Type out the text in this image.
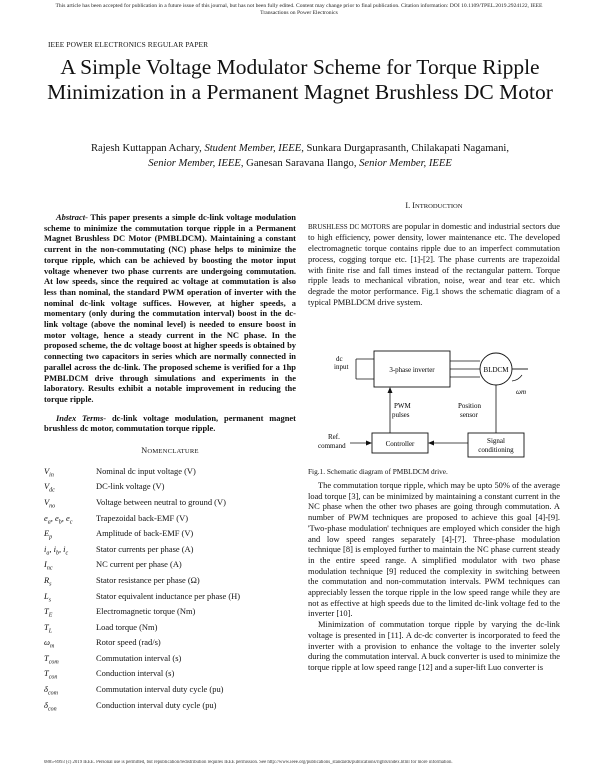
This article has been accepted for publication in a future issue of this journal, but has not been fully edited. Content may change prior to final publication. Citation information: DOI 10.1109/TPEL.2019.2924122, IEEE Transactions on Power Electronics
IEEE POWER ELECTRONICS REGULAR PAPER
A Simple Voltage Modulator Scheme for Torque Ripple Minimization in a Permanent Magnet Brushless DC Motor
Rajesh Kuttappan Achary, Student Member, IEEE, Sunkara Durgaprasanth, Chilakapati Nagamani,
Senior Member, IEEE, Ganesan Saravana Ilango, Senior Member, IEEE

Abstract- This paper presents a simple dc-link voltage modulation scheme to minimize the commutation torque ripple in a Permanent Magnet Brushless DC Motor (PMBLDCM). Maintaining a constant current in the non-commutating (NC) phase helps to minimize the torque ripple, which can be achieved by boosting the motor input voltage whenever two phase currents are undergoing commutation. At low speeds, since the required ac voltage at commutation is also less than nominal, the standard PWM operation of inverter with the nominal dc-link voltage suffices. However, at higher speeds, a momentary (only during the commutation interval) boost in the dc-link voltage (above the nominal level) is needed to ensure boost in motor voltage, hence a steady current in the NC phase. In the proposed scheme, the dc voltage boost at higher speeds is obtained by connecting two capacitors in series which are normally connected in parallel across the dc-link. The proposed scheme is verified for a 1hp PMBLDCM drive through simulations and experiments in the laboratory. Results exhibit a notable improvement in reducing the torque ripple.

Index Terms- dc-link voltage modulation, permanent magnet brushless dc motor, commutation torque ripple.

NOMENCLATURE
$V_{in}$	Nominal dc input voltage (V)
$V_{dc}$	DC-link voltage (V)
$V_{no}$	Voltage between neutral to ground (V)
$e_a$, $e_b$, $e_c$	Trapezoidal back-EMF (V)
$E_p$	Amplitude of back-EMF (V)
$i_a$, $i_b$, $i_c$	Stator currents per phase (A)
$I_{nc}$	NC current per phase (A)
$R_s$	Stator resistance per phase (Ω)
$L_s$	Stator equivalent inductance per phase (H)
$T_E$	Electromagnetic torque (Nm)
$T_L$	Load torque (Nm)
$\omega_m$	Rotor speed (rad/s)
$T_{com}$	Commutation interval (s)
$T_{con}$	Conduction interval (s)
$\delta_{com}$	Commutation interval duty cycle (pu)
$\delta_{con}$	Conduction interval duty cycle (pu)
I. INTRODUCTION

BRUSHLESS DC MOTORS are popular in domestic and industrial sectors due to high efficiency, power density, lower maintenance etc. The developed electromagnetic torque contains ripple due to an imperfect commutation process, cogging torque etc. [1]-[2]. The phase currents are trapezoidal with finite rise and fall times instead of the rectangular pattern. Torque ripple leads to mechanical vibration, noise, wear and tear etc. which degrade the motor performance. Fig.1 shows the schematic diagram of a typical PMBLDCM drive system.

dc
input	3-phase inverter	BLDCM
ωm
PWM
pulses
Position
sensor
Controller
Ref.
command
Signal
conditioning
Fig.1. Schematic diagram of PMBLDCM drive.

The commutation torque ripple, which may be upto 50% of the average load torque [3], can be minimized by maintaining a constant current in the NC phase when the other two phases are going through commutation. A number of PWM techniques are proposed to achieve this goal [4]-[9]. 'Two-phase modulation' techniques are employed which consider the high and low speed ranges separately [4]-[7]. Three-phase modulation technique [8] is employed further to maintain the NC phase current steady in the entire speed range. A simplified modulator with two phase modulation technique [9] reduced the complexity in switching between the commutation and non-commutation intervals. PWM techniques can appreciably lessen the torque ripple in the low speed range while they are not as effective at high speeds due to the limited dc-link voltage fed to the inverter [10].

Minimization of commutation torque ripple by varying the dc-link voltage is presented in [11]. A dc-dc converter is incorporated to feed the inverter with a provision to enhance the voltage to the inverter solely during the commutation interval. A buck converter is used to minimize the torque ripple at low speed range [12] and a super-lift Luo converter is

0885-8993 (c) 2019 IEEE. Personal use is permitted, but republication/redistribution requires IEEE permission. See http://www.ieee.org/publications_standards/publications/rights/index.html for more information.
